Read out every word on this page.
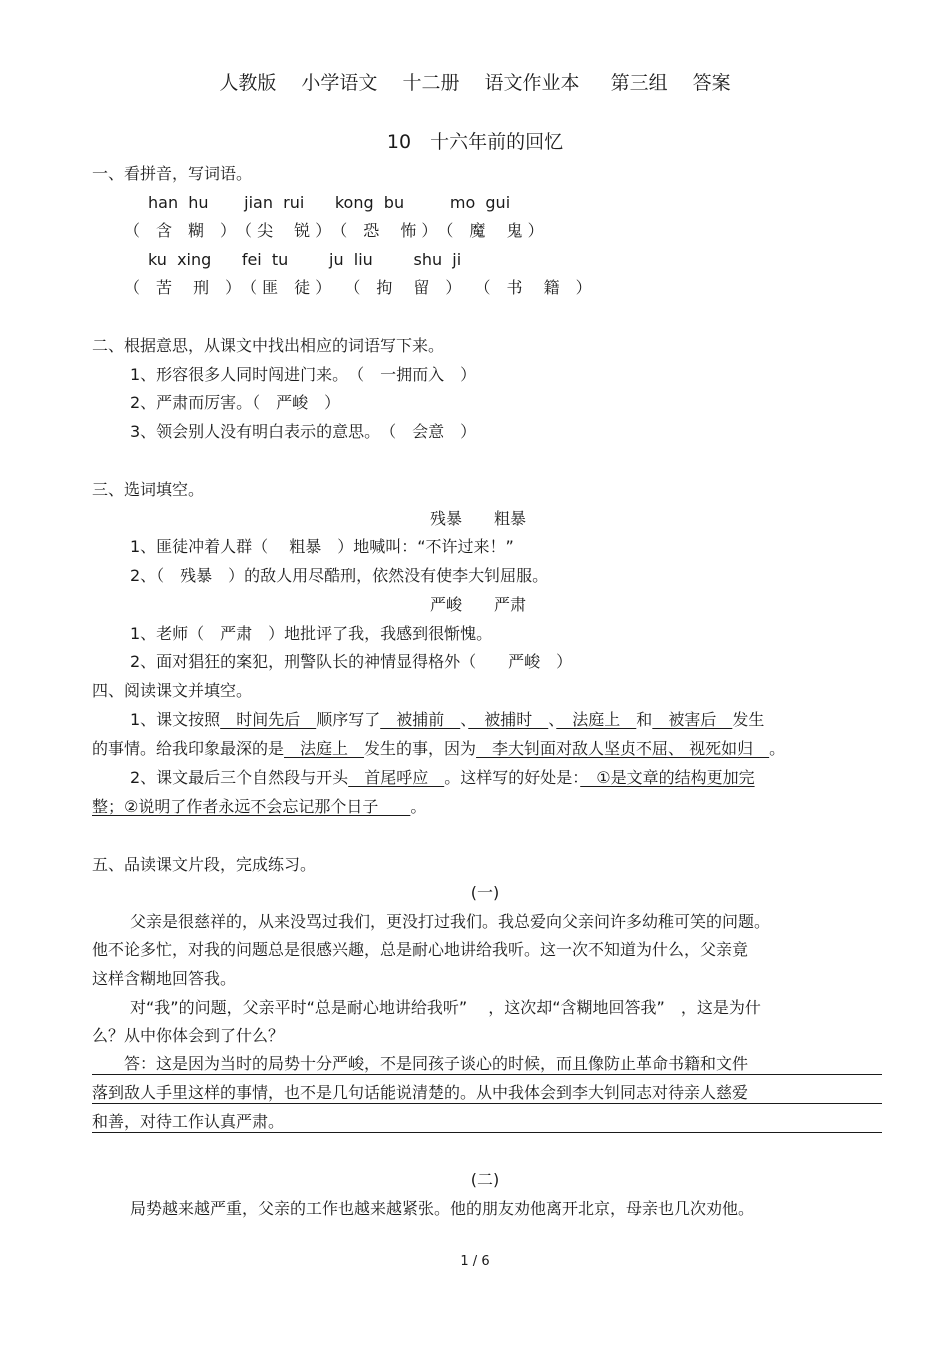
人教版　 小学语文 　十二册 　语文作业本 　 第三组　 答案
10　十六年前的回忆
一、看拼音，写词语。
han  hu       jian  rui      kong  bu         mo  gui
（　含　糊　）　（ 尖　 锐 ）　（　恐　 怖 ）　（　魔　 鬼 ）
ku  xing      fei  tu        ju  liu        shu  ji
（　苦　 刑　）　（ 匪　徒 ）　 （　拘　 留　）　 （　书　 籍　）
二、根据意思，从课文中找出相应的词语写下来。
1、形容很多人同时闯进门来。　（　一拥而入　）
2、严肃而厉害。（　严峻　）
3、领会别人没有明白表示的意思。　（　会意　）
三、选词填空。
残暴　　粗暴
1、匪徒冲着人群（　 粗暴　）地喊叫：“不许过来！”
2、（　残暴　）的敌人用尽酷刑，依然没有使李大钊屈服。
严峻　　严肃
1、老师（　严肃　）地批评了我，我感到很惭愧。
2、面对猖狂的案犯，刑警队长的神情显得格外（　　严峻　）
四、阅读课文并填空。
1、课文按照　时间先后　顺序写了　被捕前　、　被捕时　、　法庭上　和　被害后　发生
的事情。给我印象最深的是　法庭上　发生的事，因为　李大钊面对敌人坚贞不屈、 视死如归　。
2、课文最后三个自然段与开头　首尾呼应　。这样写的好处是：　①是文章的结构更加完
整；②说明了作者永远不会忘记那个日子　　。
五、品读课文片段，完成练习。
(一)
父亲是很慈祥的，从来没骂过我们，更没打过我们。我总爱向父亲问许多幼稚可笑的问题。
他不论多忙，对我的问题总是很感兴趣，总是耐心地讲给我听。这一次不知道为什么，父亲竟
这样含糊地回答我。
对“我”的问题，父亲平时“总是耐心地讲给我听”　 ，这次却“含糊地回答我”　，这是为什
么？从中你体会到了什么？
　　答：这是因为当时的局势十分严峻，不是同孩子谈心的时候，而且像防止革命书籍和文件
落到敌人手里这样的事情，也不是几句话能说清楚的。从中我体会到李大钊同志对待亲人慈爱
和善，对待工作认真严肃。
(二)
局势越来越严重，父亲的工作也越来越紧张。他的朋友劝他离开北京，母亲也几次劝他。
1 / 6
